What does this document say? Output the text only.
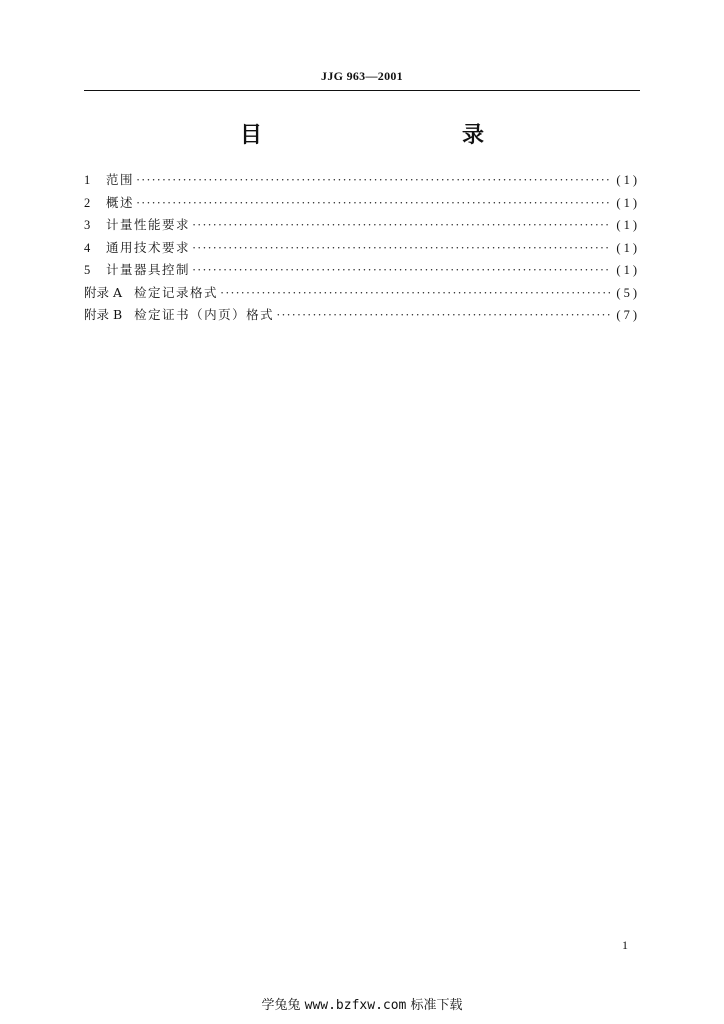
JJG 963—2001
目　　录
1	范围 ·····	(1)
2	概述 ·····	(1)
3	计量性能要求 ·····	(1)
4	通用技术要求 ·····	(1)
5	计量器具控制 ·····	(1)
附录 A 检定记录格式 ·····	(5)
附录 B 检定证书（内页）格式 ·····	(7)
1
学兔兔 www.bzfxw.com 标准下载
